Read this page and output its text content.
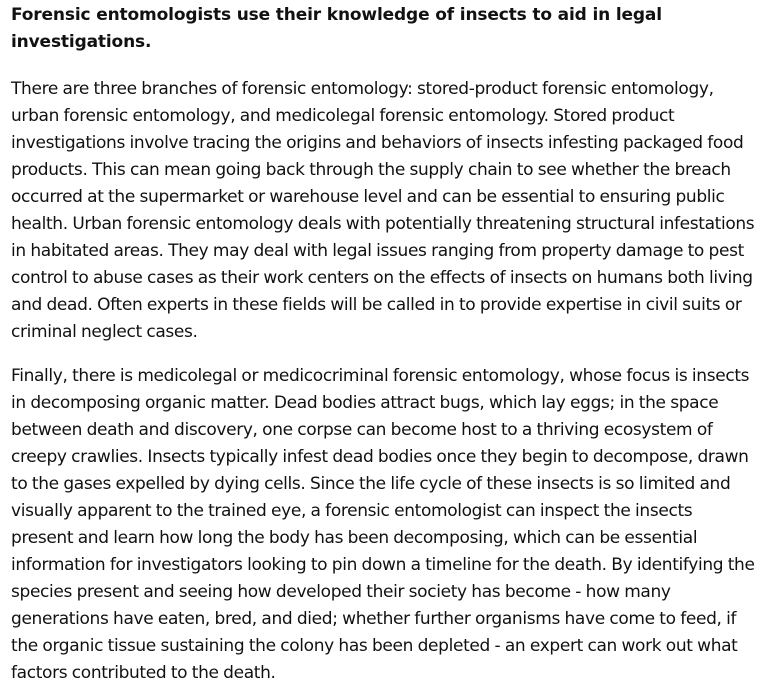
Forensic entomologists use their knowledge of insects to aid in legal investigations.

There are three branches of forensic entomology: stored-product forensic entomology, urban forensic entomology, and medicolegal forensic entomology. Stored product investigations involve tracing the origins and behaviors of insects infesting packaged food products. This can mean going back through the supply chain to see whether the breach occurred at the supermarket or warehouse level and can be essential to ensuring public health. Urban forensic entomology deals with potentially threatening structural infestations in habitated areas. They may deal with legal issues ranging from property damage to pest control to abuse cases as their work centers on the effects of insects on humans both living and dead. Often experts in these fields will be called in to provide expertise in civil suits or criminal neglect cases.

Finally, there is medicolegal or medicocriminal forensic entomology, whose focus is insects in decomposing organic matter. Dead bodies attract bugs, which lay eggs; in the space between death and discovery, one corpse can become host to a thriving ecosystem of creepy crawlies. Insects typically infest dead bodies once they begin to decompose, drawn to the gases expelled by dying cells. Since the life cycle of these insects is so limited and visually apparent to the trained eye, a forensic entomologist can inspect the insects present and learn how long the body has been decomposing, which can be essential information for investigators looking to pin down a timeline for the death. By identifying the species present and seeing how developed their society has become - how many generations have eaten, bred, and died; whether further organisms have come to feed, if the organic tissue sustaining the colony has been depleted - an expert can work out what factors contributed to the death.
